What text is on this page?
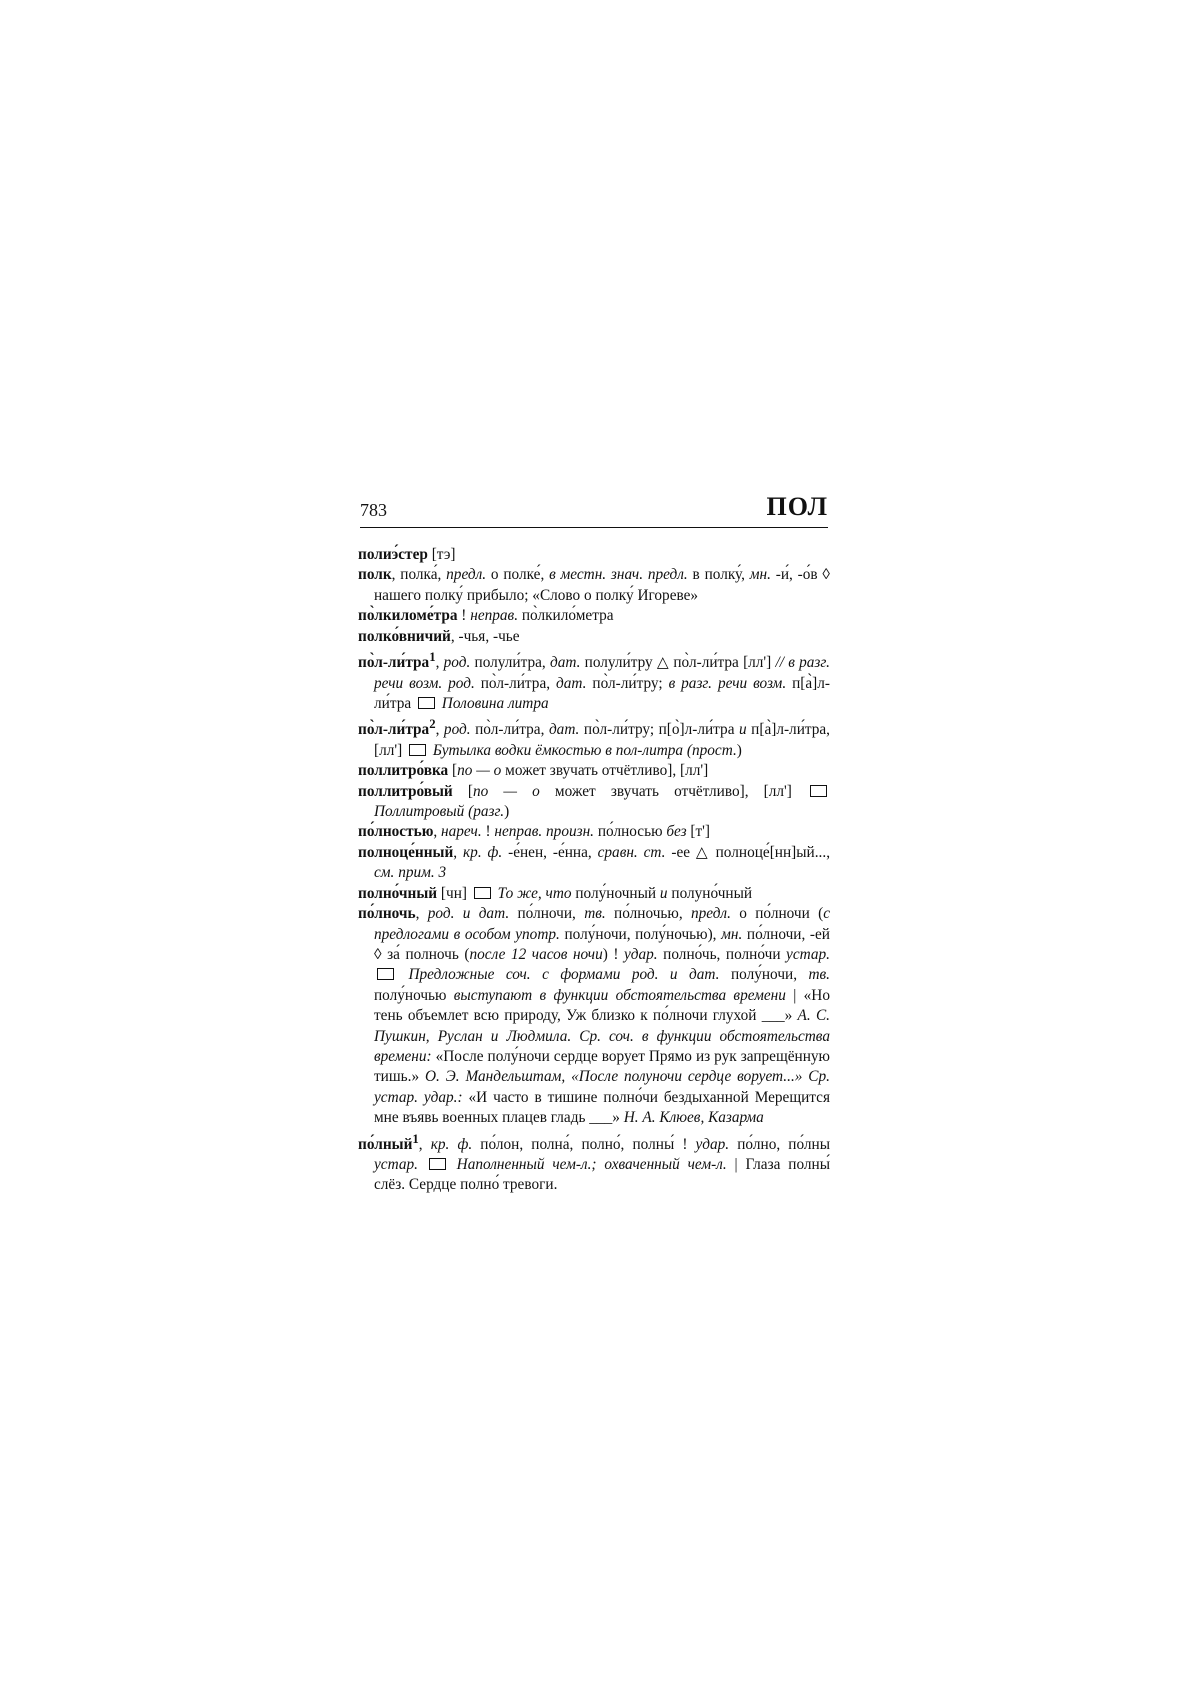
783	ПОЛ

полиэ́стер [тэ]

полк, полка́, предл. о полке́, в местн. знач. предл. в полку́, мн. -и́, -о́в ◊ нашего полку́ прибыло; «Слово о полку́ Игореве»

по̀лкиломе́тра ! неправ. по̀лкило́метра

полко́вничий, -чья, -чье

по̀л-ли́тра$^1$, род. полули́тра, дат. полули́тру △ по̀л-ли́тра [лл'] // в разг. речи возм. род. по̀л-ли́тра, дат. по̀л-ли́тру; в разг. речи возм. п[а̀]л-ли́тра  Половина литра

по̀л-ли́тра$^2$, род. по̀л-ли́тра, дат. по̀л-ли́тру; п[о̀]л-ли́тра и п[а̀]л-ли́тра, [лл']  Бутылка водки ёмкостью в пол-литра (прост.)

поллитро́вка [по — о может звучать отчётливо], [лл']

поллитро́вый [по — о может звучать отчётливо], [лл']  Поллитровый (разг.)

по́лностью, нареч. ! неправ. произн. по́лносью без [т']

полноце́нный, кр. ф. -е́нен, -е́нна, сравн. ст. -ее △ полноце́[нн]ый..., см. прим. 3

полно́чный [чн]  То же, что полу́ночный и полуно́чный

по́лночь, род. и дат. по́лночи, тв. по́лночью, предл. о по́лночи (с предлогами в особом употр. полу́ночи, полу́ночью), мн. по́лночи, -ей ◊ за́ полночь (после 12 часов ночи) ! удар. полно́чь, полно́чи устар.  Предложные соч. с формами род. и дат. полу́ночи, тв. полу́ночью выступают в функции обстоятельства времени | «Но тень объемлет всю природу, Уж близко к по́лночи глухой ___» А. С. Пушкин, Руслан и Людмила. Ср. соч. в функции обстоятельства времени: «После полу́ночи сердце ворует Прямо из рук запрещённую тишь.» О. Э. Мандельштам, «После полуночи сердце ворует...» Ср. устар. удар.: «И часто в тишине полно́чи бездыханной Мерещится мне въявь военных плацев гладь ___» Н. А. Клюев, Казарма

по́лный$^1$, кр. ф. по́лон, полна́, полно́, полны́ ! удар. по́лно, по́лны устар.  Наполненный чем-л.; охваченный чем-л. | Глаза полны́ слёз. Сердце полно́ тревоги.
